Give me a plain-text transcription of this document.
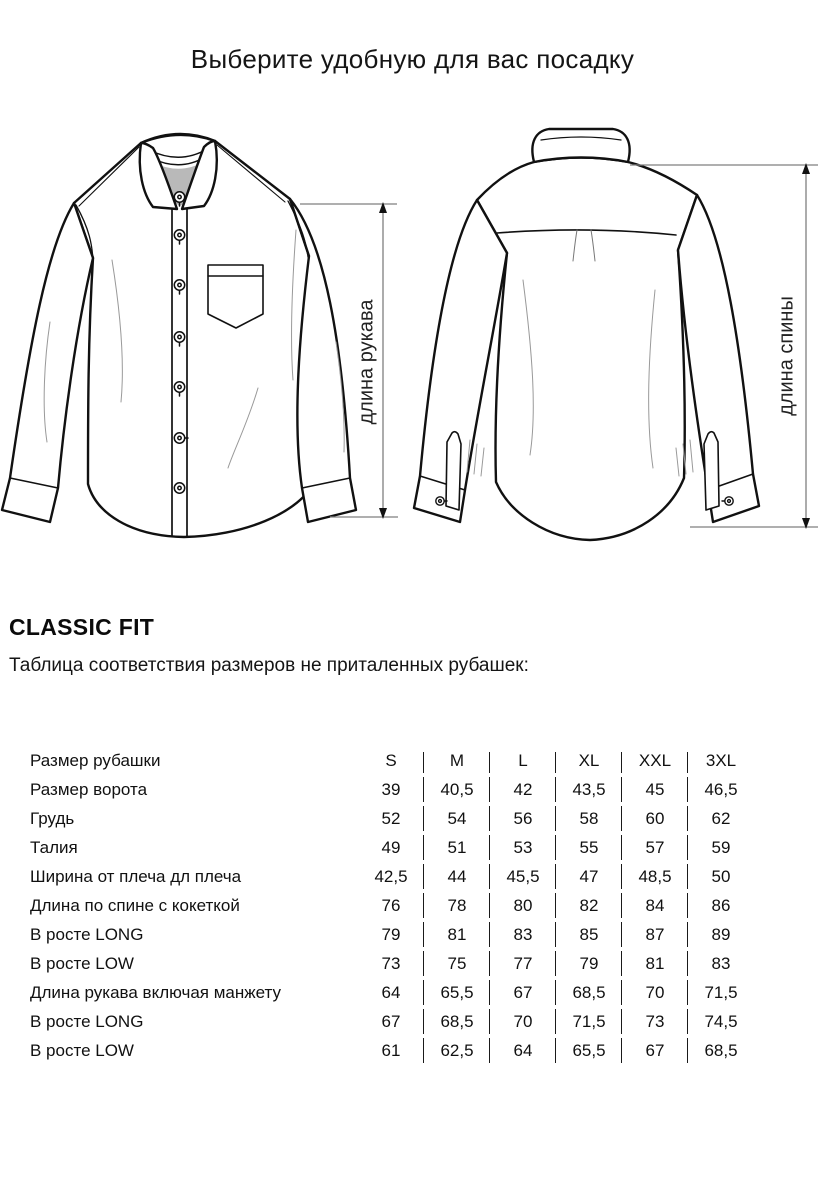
Выберите удобную для вас посадку
длина рукава	длина спины
CLASSIC FIT

Таблица соответствия размеров не приталенных рубашек:

Размер рубашки	S	M	L	XL	XXL	3XL
Размер ворота	39	40,5	42	43,5	45	46,5
Грудь	52	54	56	58	60	62
Талия	49	51	53	55	57	59
Ширина от плеча дл плеча	42,5	44	45,5	47	48,5	50
Длина по спине с кокеткой	76	78	80	82	84	86
В росте LONG	79	81	83	85	87	89
В росте LOW	73	75	77	79	81	83
Длина рукава включая манжету	64	65,5	67	68,5	70	71,5
В росте LONG	67	68,5	70	71,5	73	74,5
В росте LOW	61	62,5	64	65,5	67	68,5
